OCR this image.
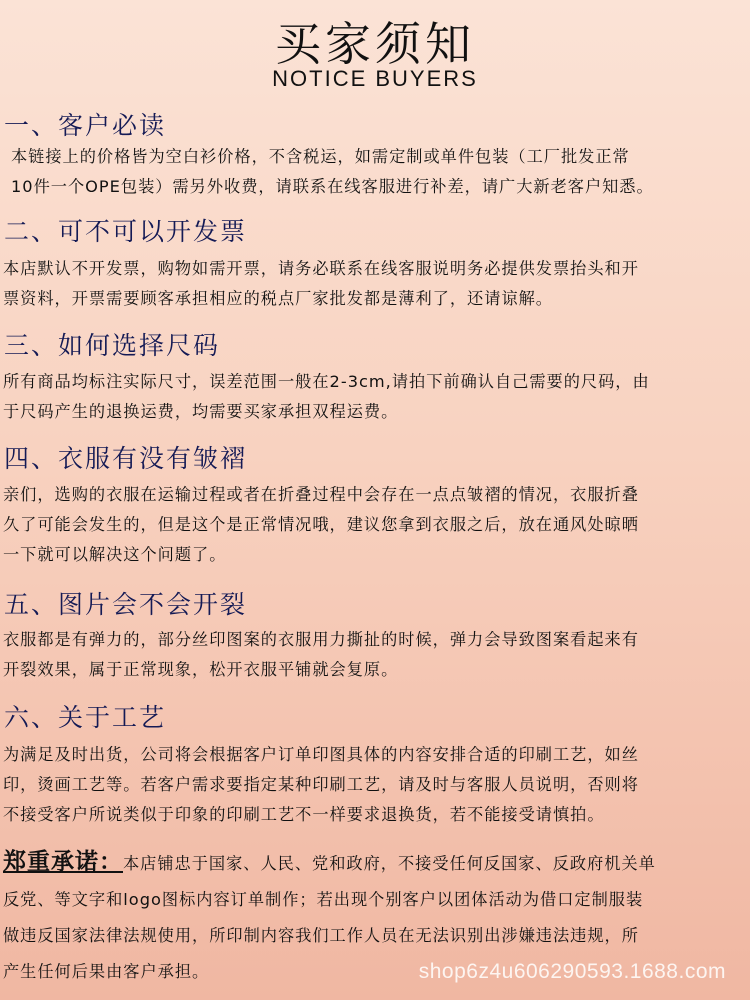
买家须知
NOTICE BUYERS
一、客户必读
本链接上的价格皆为空白衫价格，不含税运，如需定制或单件包装（工厂批发正常
10件一个OPE包装）需另外收费，请联系在线客服进行补差，请广大新老客户知悉。
二、可不可以开发票
本店默认不开发票，购物如需开票，请务必联系在线客服说明务必提供发票抬头和开
票资料，开票需要顾客承担相应的税点厂家批发都是薄利了，还请谅解。
三、如何选择尺码
所有商品均标注实际尺寸，误差范围一般在2-3cm,请拍下前确认自己需要的尺码，由
于尺码产生的退换运费，均需要买家承担双程运费。
四、衣服有没有皱褶
亲们，选购的衣服在运输过程或者在折叠过程中会存在一点点皱褶的情况，衣服折叠
久了可能会发生的，但是这个是正常情况哦，建议您拿到衣服之后，放在通风处晾晒
一下就可以解决这个问题了。
五、图片会不会开裂
衣服都是有弹力的，部分丝印图案的衣服用力撕扯的时候，弹力会导致图案看起来有
开裂效果，属于正常现象，松开衣服平铺就会复原。
六、关于工艺
为满足及时出货，公司将会根据客户订单印图具体的内容安排合适的印刷工艺，如丝
印，烫画工艺等。若客户需求要指定某种印刷工艺，请及时与客服人员说明，否则将
不接受客户所说类似于印象的印刷工艺不一样要求退换货，若不能接受请慎拍。
郑重承诺：本店铺忠于国家、人民、党和政府，不接受任何反国家、反政府机关单
反党、等文字和logo图标内容订单制作；若出现个别客户以团体活动为借口定制服装
做违反国家法律法规使用，所印制内容我们工作人员在无法识别出涉嫌违法违规，所
产生任何后果由客户承担。	shop6z4u606290593.1688.com
